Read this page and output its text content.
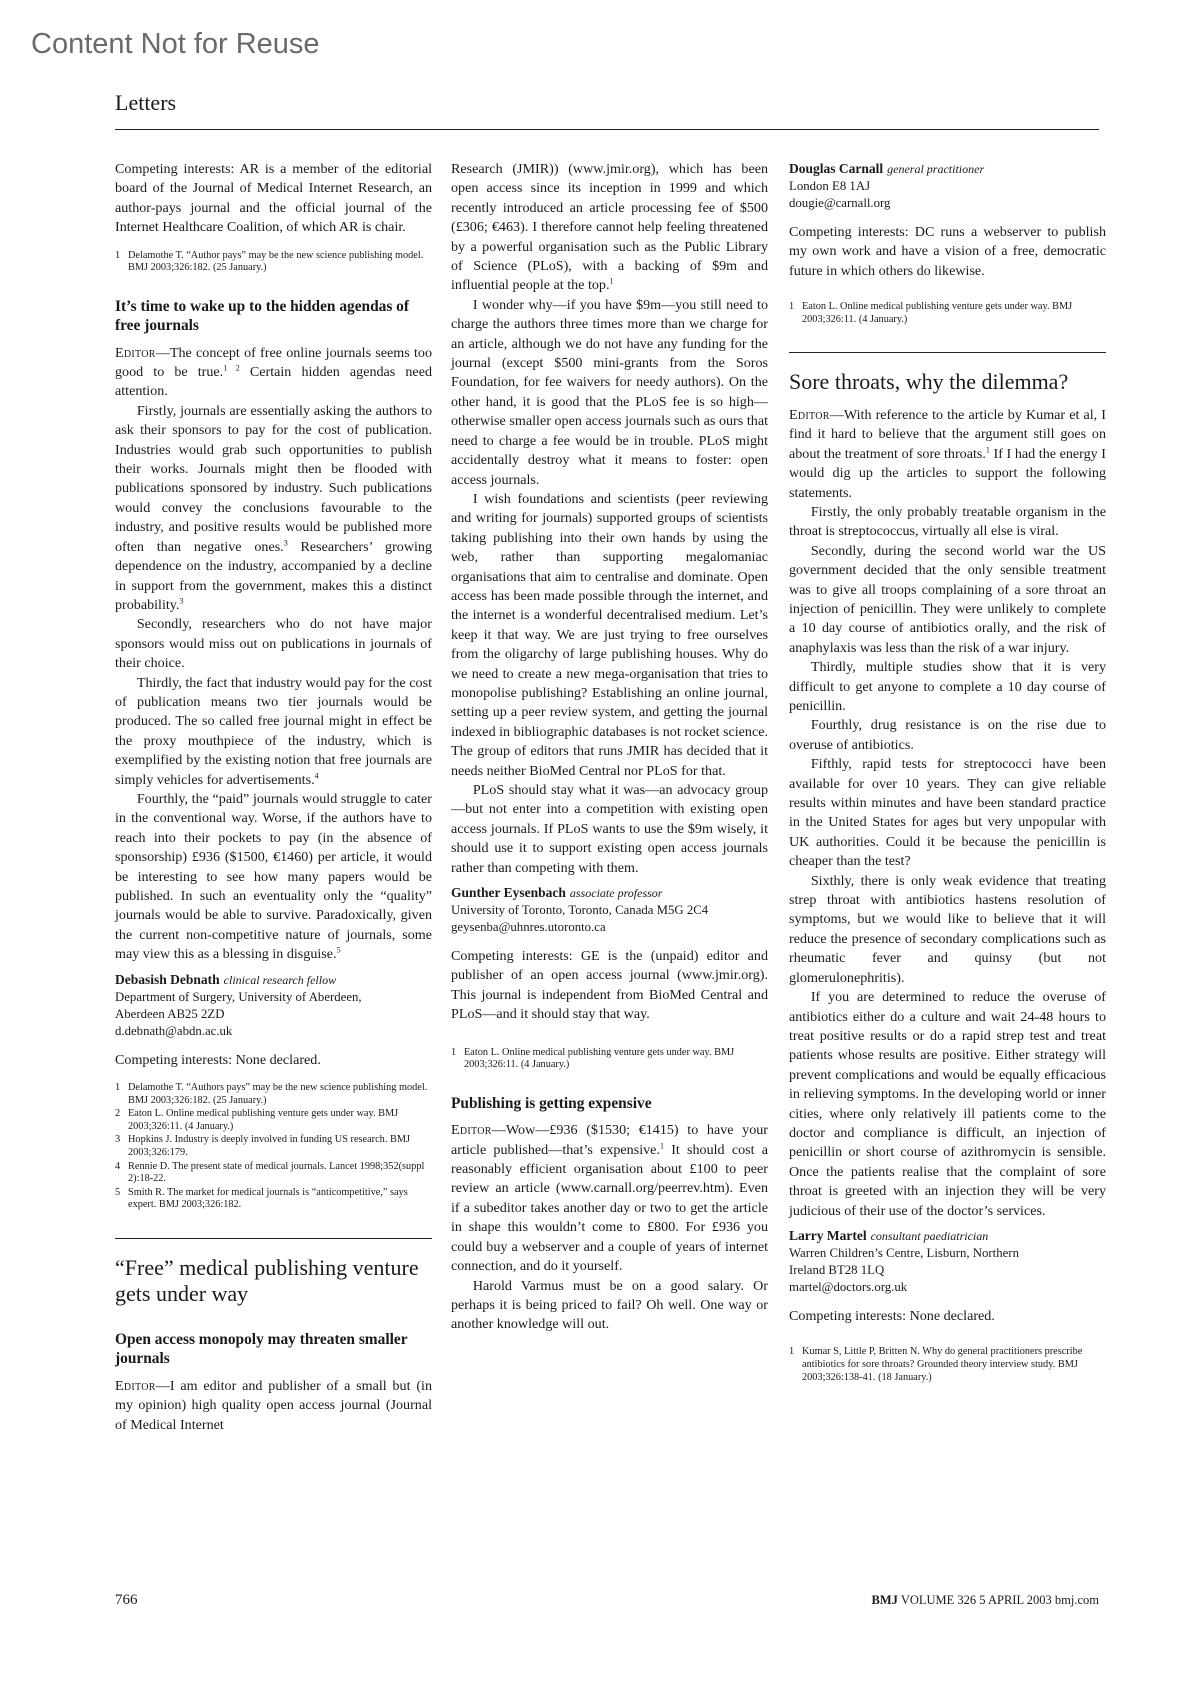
Content Not for Reuse
Letters

Competing interests: AR is a member of the editorial board of the Journal of Medical Internet Research, an author-pays journal and the official journal of the Internet Healthcare Coalition, of which AR is chair.

1 Delamothe T. “Author pays” may be the new science publishing model. BMJ 2003;326:182. (25 January.)
It’s time to wake up to the hidden agendas of free journals

Editor—The concept of free online journals seems too good to be true.$^{1 2}$ Certain hidden agendas need attention.

Firstly, journals are essentially asking the authors to ask their sponsors to pay for the cost of publication. Industries would grab such opportunities to publish their works. Journals might then be flooded with publications sponsored by industry. Such publications would convey the conclusions favourable to the industry, and positive results would be published more often than negative ones.$^3$ Researchers’ growing dependence on the industry, accompanied by a decline in support from the government, makes this a distinct probability.$^3$

Secondly, researchers who do not have major sponsors would miss out on publications in journals of their choice.

Thirdly, the fact that industry would pay for the cost of publication means two tier journals would be produced. The so called free journal might in effect be the proxy mouthpiece of the industry, which is exemplified by the existing notion that free journals are simply vehicles for advertisements.$^4$

Fourthly, the “paid” journals would struggle to cater in the conventional way. Worse, if the authors have to reach into their pockets to pay (in the absence of sponsorship) £936 ($1500, €1460) per article, it would be interesting to see how many papers would be published. In such an eventuality only the “quality” journals would be able to survive. Paradoxically, given the current non-competitive nature of journals, some may view this as a blessing in disguise.$^5$

Debasish Debnath clinical research fellow
Department of Surgery, University of Aberdeen,
Aberdeen AB25 2ZD
d.debnath@abdn.ac.uk

Competing interests: None declared.

1 Delamothe T. “Authors pays” may be the new science publishing model. BMJ 2003;326:182. (25 January.)
2 Eaton L. Online medical publishing venture gets under way. BMJ 2003;326:11. (4 January.)
3 Hopkins J. Industry is deeply involved in funding US research. BMJ 2003;326:179.
4 Rennie D. The present state of medical journals. Lancet 1998;352(suppl 2):18-22.
5 Smith R. The market for medical journals is “anticompetitive,” says expert. BMJ 2003;326:182.
“Free” medical publishing venture gets under way
Open access monopoly may threaten smaller journals

Editor—I am editor and publisher of a small but (in my opinion) high quality open access journal (Journal of Medical Internet

Research (JMIR)) (www.jmir.org), which has been open access since its inception in 1999 and which recently introduced an article processing fee of $500 (£306; €463). I therefore cannot help feeling threatened by a powerful organisation such as the Public Library of Science (PLoS), with a backing of $9m and influential people at the top.$^1$

I wonder why—if you have $9m—you still need to charge the authors three times more than we charge for an article, although we do not have any funding for the journal (except $500 mini-grants from the Soros Foundation, for fee waivers for needy authors). On the other hand, it is good that the PLoS fee is so high—otherwise smaller open access journals such as ours that need to charge a fee would be in trouble. PLoS might accidentally destroy what it means to foster: open access journals.

I wish foundations and scientists (peer reviewing and writing for journals) supported groups of scientists taking publishing into their own hands by using the web, rather than supporting megalomaniac organisations that aim to centralise and dominate. Open access has been made possible through the internet, and the internet is a wonderful decentralised medium. Let’s keep it that way. We are just trying to free ourselves from the oligarchy of large publishing houses. Why do we need to create a new mega-organisation that tries to monopolise publishing? Establishing an online journal, setting up a peer review system, and getting the journal indexed in bibliographic databases is not rocket science. The group of editors that runs JMIR has decided that it needs neither BioMed Central nor PLoS for that.

PLoS should stay what it was—an advocacy group—but not enter into a competition with existing open access journals. If PLoS wants to use the $9m wisely, it should use it to support existing open access journals rather than competing with them.

Gunther Eysenbach associate professor
University of Toronto, Toronto, Canada M5G 2C4
geysenba@uhnres.utoronto.ca

Competing interests: GE is the (unpaid) editor and publisher of an open access journal (www.jmir.org). This journal is independent from BioMed Central and PLoS—and it should stay that way.

1 Eaton L. Online medical publishing venture gets under way. BMJ 2003;326:11. (4 January.)
Publishing is getting expensive

Editor—Wow—£936 ($1530; €1415) to have your article published—that’s expensive.$^1$ It should cost a reasonably efficient organisation about £100 to peer review an article (www.carnall.org/peerrev.htm). Even if a subeditor takes another day or two to get the article in shape this wouldn’t come to £800. For £936 you could buy a webserver and a couple of years of internet connection, and do it yourself.

Harold Varmus must be on a good salary. Or perhaps it is being priced to fail? Oh well. One way or another knowledge will out.

Douglas Carnall general practitioner
London E8 1AJ
dougie@carnall.org

Competing interests: DC runs a webserver to publish my own work and have a vision of a free, democratic future in which others do likewise.

1 Eaton L. Online medical publishing venture gets under way. BMJ 2003;326:11. (4 January.)
Sore throats, why the dilemma?

Editor—With reference to the article by Kumar et al, I find it hard to believe that the argument still goes on about the treatment of sore throats.$^1$ If I had the energy I would dig up the articles to support the following statements.

Firstly, the only probably treatable organism in the throat is streptococcus, virtually all else is viral.

Secondly, during the second world war the US government decided that the only sensible treatment was to give all troops complaining of a sore throat an injection of penicillin. They were unlikely to complete a 10 day course of antibiotics orally, and the risk of anaphylaxis was less than the risk of a war injury.

Thirdly, multiple studies show that it is very difficult to get anyone to complete a 10 day course of penicillin.

Fourthly, drug resistance is on the rise due to overuse of antibiotics.

Fifthly, rapid tests for streptococci have been available for over 10 years. They can give reliable results within minutes and have been standard practice in the United States for ages but very unpopular with UK authorities. Could it be because the penicillin is cheaper than the test?

Sixthly, there is only weak evidence that treating strep throat with antibiotics hastens resolution of symptoms, but we would like to believe that it will reduce the presence of secondary complications such as rheumatic fever and quinsy (but not glomerulonephritis).

If you are determined to reduce the overuse of antibiotics either do a culture and wait 24-48 hours to treat positive results or do a rapid strep test and treat patients whose results are positive. Either strategy will prevent complications and would be equally efficacious in relieving symptoms. In the developing world or inner cities, where only relatively ill patients come to the doctor and compliance is difficult, an injection of penicillin or short course of azithromycin is sensible. Once the patients realise that the complaint of sore throat is greeted with an injection they will be very judicious of their use of the doctor’s services.

Larry Martel consultant paediatrician
Warren Children’s Centre, Lisburn, Northern
Ireland BT28 1LQ
martel@doctors.org.uk

Competing interests: None declared.

1 Kumar S, Little P, Britten N. Why do general practitioners prescribe antibiotics for sore throats? Grounded theory interview study. BMJ 2003;326:138-41. (18 January.)
766	BMJ VOLUME 326 5 APRIL 2003 bmj.com
